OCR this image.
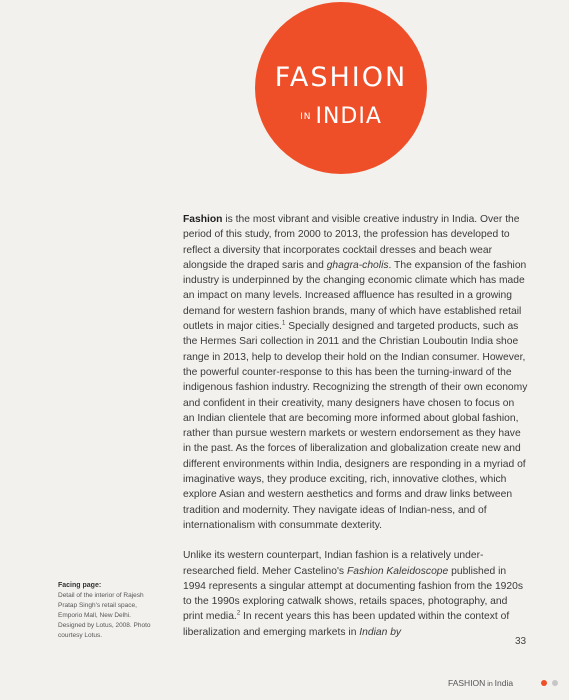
FASHION
IN INDIA

Fashion is the most vibrant and visible creative industry in India. Over the period of this study, from 2000 to 2013, the profession has developed to reflect a diversity that incorporates cocktail dresses and beach wear alongside the draped saris and ghagra-cholis. The expansion of the fashion industry is underpinned by the changing economic climate which has made an impact on many levels. Increased affluence has resulted in a growing demand for western fashion brands, many of which have established retail outlets in major cities.$^1$ Specially designed and targeted products, such as the Hermes Sari collection in 2011 and the Christian Louboutin India shoe range in 2013, help to develop their hold on the Indian consumer. However, the powerful counter-response to this has been the turning-inward of the indigenous fashion industry. Recognizing the strength of their own economy and confident in their creativity, many designers have chosen to focus on an Indian clientele that are becoming more informed about global fashion, rather than pursue western markets or western endorsement as they have in the past. As the forces of liberalization and globalization create new and different environments within India, designers are responding in a myriad of imaginative ways, they produce exciting, rich, innovative clothes, which explore Asian and western aesthetics and forms and draw links between tradition and modernity. They navigate ideas of Indian-ness, and of internationalism with consummate dexterity.

Unlike its western counterpart, Indian fashion is a relatively under-researched field. Meher Castelino's Fashion Kaleidoscope published in 1994 represents a singular attempt at documenting fashion from the 1920s to the 1990s exploring catwalk shows, retails spaces, photography, and print media.$^2$ In recent years this has been updated within the context of liberalization and emerging markets in Indian by

Facing page:
Detail of the interior of Rajesh Pratap Singh's retail space, Emporio Mall, New Delhi. Designed by Lotus, 2008. Photo courtesy Lotus.
33
FASHION in India
